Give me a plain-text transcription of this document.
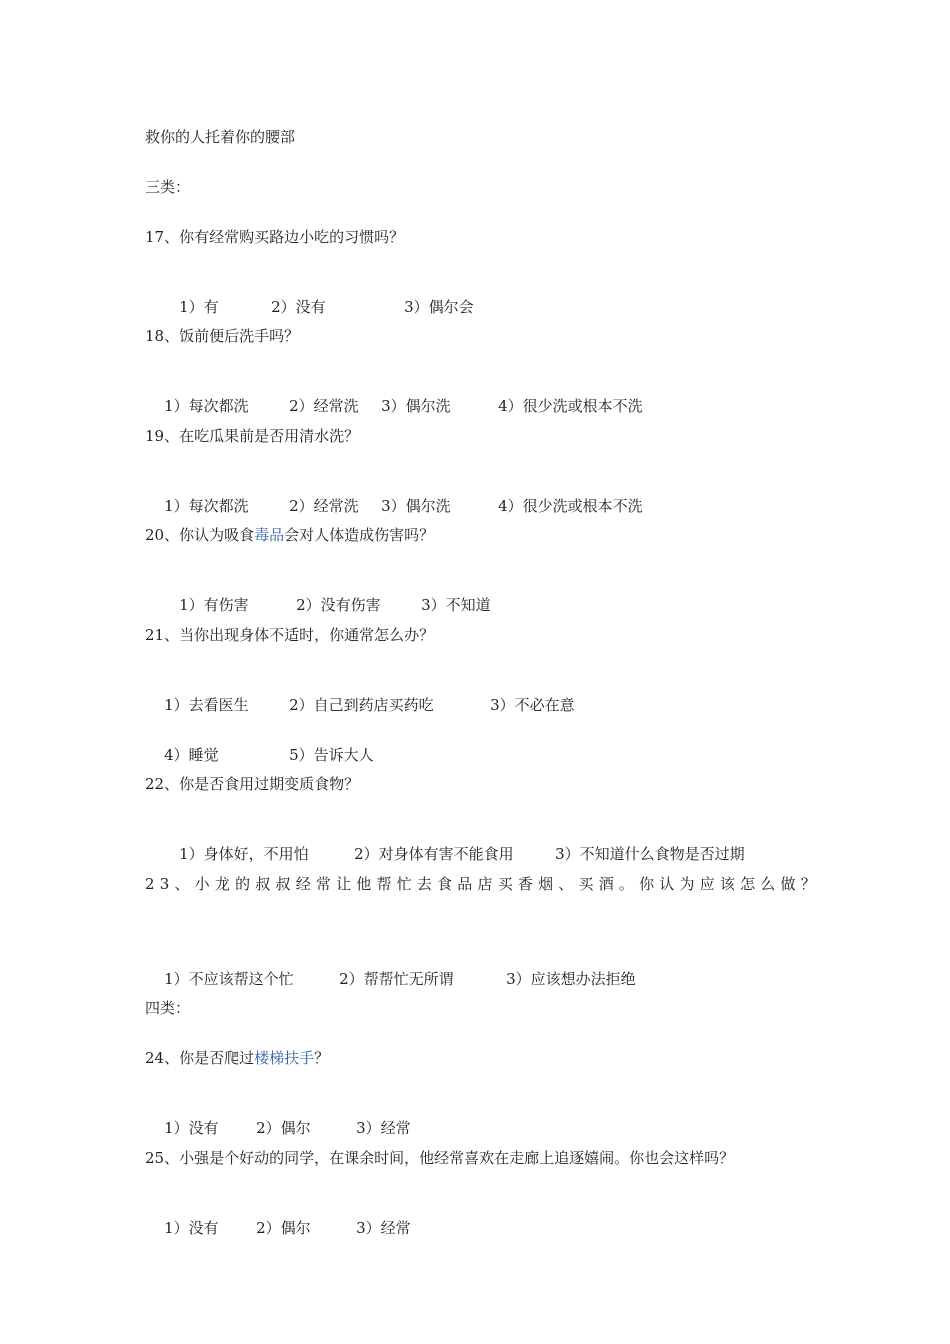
救你的人托着你的腰部
三类：
17、你有经常购买路边小吃的习惯吗？

1）有	2）没有	3）偶尔会

18、饭前便后洗手吗？

1）每次都洗	2）经常洗 3）偶尔洗	4）很少洗或根本不洗

19、在吃瓜果前是否用清水洗？

1）每次都洗	2）经常洗 3）偶尔洗	4）很少洗或根本不洗

20、你认为吸食毒品会对人体造成伤害吗？

1）有伤害	2）没有伤害	3）不知道

21、当你出现身体不适时，你通常怎么办？

1）去看医生	2）自己到药店买药吃	3）不必在意

4）睡觉	5）告诉大人

22、你是否食用过期变质食物？

1）身体好，不用怕	2）对身体有害不能食用	3）不知道什么食物是否过期

23、小龙的叔叔经常让他帮忙去食品店买香烟、买酒。你认为应该怎么做？

1）不应该帮这个忙	2）帮帮忙无所谓	3）应该想办法拒绝

四类：
24、你是否爬过楼梯扶手？

1）没有 2）偶尔	3）经常

25、小强是个好动的同学，在课余时间，他经常喜欢在走廊上追逐嬉闹。你也会这样吗？

1）没有 2）偶尔	3）经常
